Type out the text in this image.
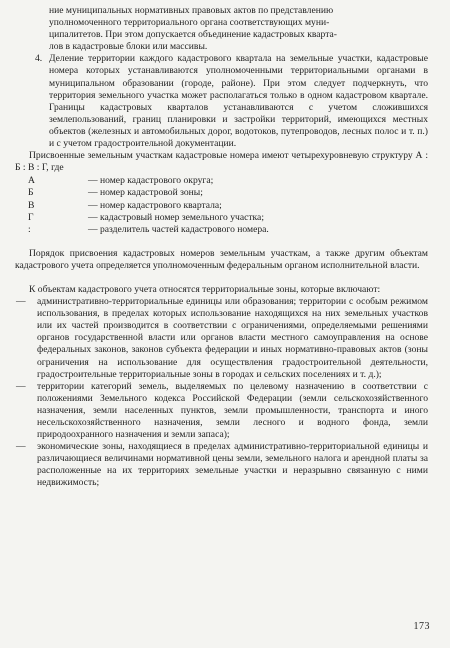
ние муниципальных нормативных правовых актов по представлению

уполномоченного территориального органа соответствующих муни-

ципалитетов. При этом допускается объединение кадастровых кварта-

лов в кадастровые блоки или массивы.

4. Деление территории каждого кадастрового квартала на земельные участки, кадастровые номера которых устанавливаются уполномоченными территориальными органами в муниципальном образовании (городе, районе). При этом следует подчеркнуть, что территория земельного участка может располагаться только в одном кадастровом квартале. Границы кадастровых кварталов устанавливаются с учетом сложившихся землепользований, границ планировки и застройки территорий, имеющихся местных объектов (железных и автомобильных дорог, водотоков, путепроводов, лесных полос и т. п.) и с учетом градостроительной документации.

Присвоенные земельным участкам кадастровые номера имеют четырехуровневую структуру А : Б : В : Г, где

А	— номер кадастрового округа;
Б	— номер кадастровой зоны;
В	— номер кадастрового квартала;
Г	— кадастровый номер земельного участка;
:	— разделитель частей кадастрового номера.

Порядок присвоения кадастровых номеров земельным участкам, а также другим объектам кадастрового учета определяется уполномоченным федеральным органом исполнительной власти.

К объектам кадастрового учета относятся территориальные зоны, которые включают:

—	административно-территориальные единицы или образования; территории с особым режимом использования, в пределах которых использование находящихся на них земельных участков или их частей производится в соответствии с ограничениями, определяемыми решениями органов государственной власти или органов власти местного самоуправления на основе федеральных законов, законов субъекта федерации и иных нормативно-правовых актов (зоны ограничения на использование для осуществления градостроительной деятельности, градостроительные территориальные зоны в городах и сельских поселениях и т. д.);
—	территории категорий земель, выделяемых по целевому назначению в соответствии с положениями Земельного кодекса Российской Федерации (земли сельскохозяйственного назначения, земли населенных пунктов, земли промышленности, транспорта и иного несельскохозяйственного назначения, земли лесного и водного фонда, земли природоохранного назначения и земли запаса);
—	экономические зоны, находящиеся в пределах административно-территориальной единицы и различающиеся величинами нормативной цены земли, земельного налога и арендной платы за расположенные на их территориях земельные участки и неразрывно связанную с ними недвижимость;
173
